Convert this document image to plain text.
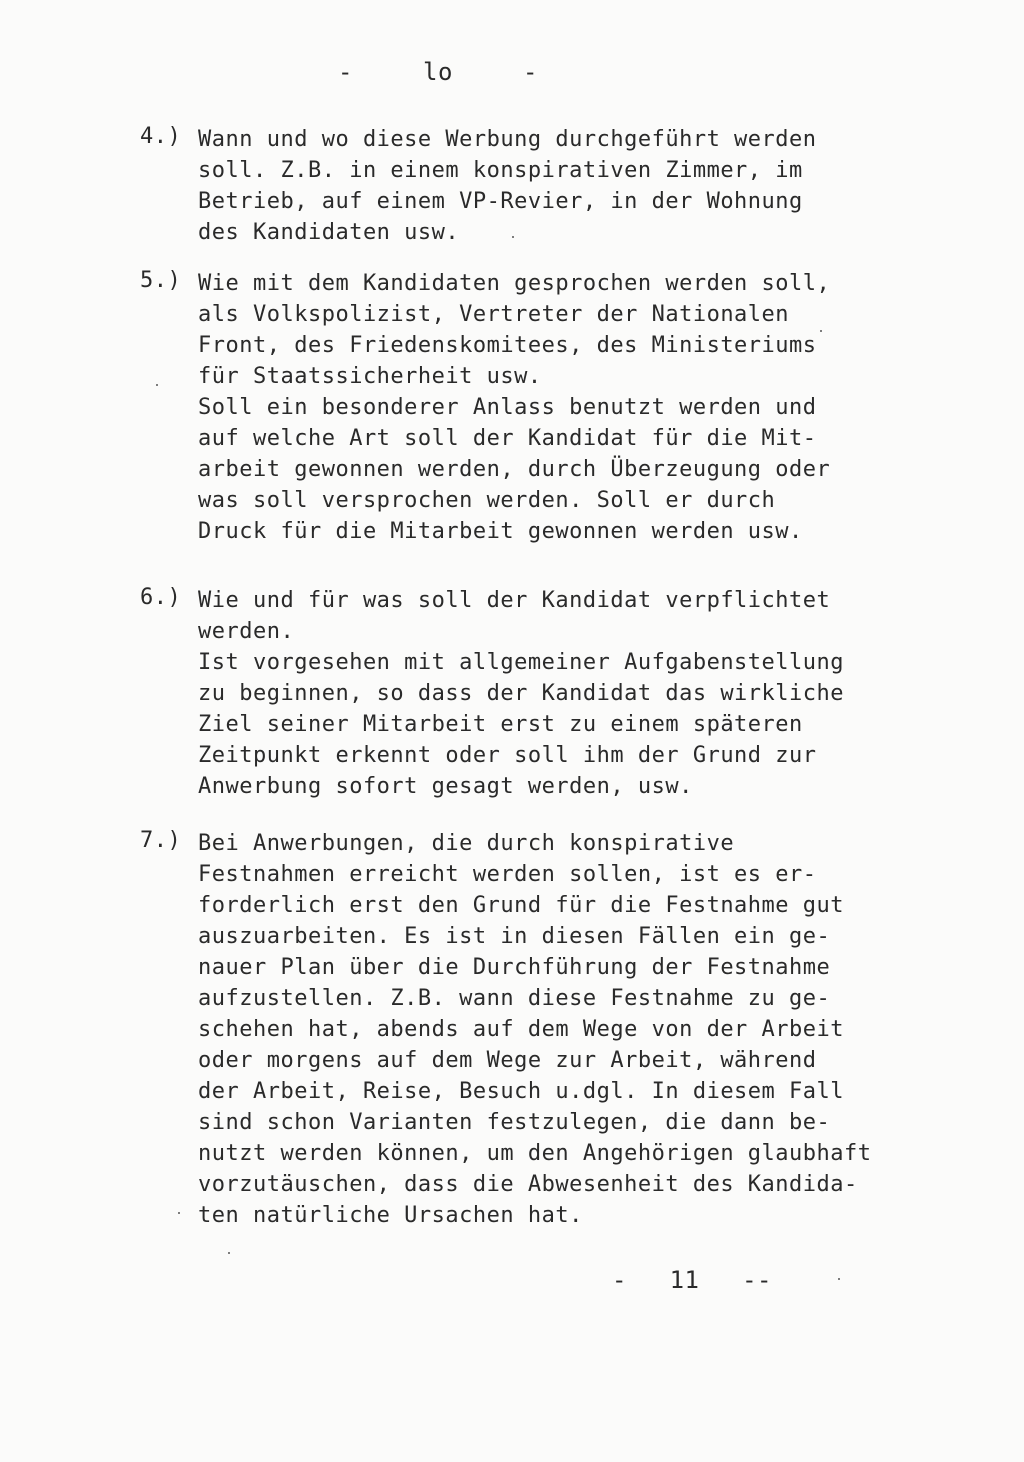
-	lo	-
4.) Wann und wo diese Werbung durchgeführt werden
soll. Z.B. in einem konspirativen Zimmer, im
Betrieb, auf einem VP-Revier, in der Wohnung
des Kandidaten usw.
5.) Wie mit dem Kandidaten gesprochen werden soll,
als Volkspolizist, Vertreter der Nationalen
Front, des Friedenskomitees, des Ministeriums
für Staatssicherheit usw.
Soll ein besonderer Anlass benutzt werden und
auf welche Art soll der Kandidat für die Mit-
arbeit gewonnen werden, durch Überzeugung oder
was soll versprochen werden. Soll er durch
Druck für die Mitarbeit gewonnen werden usw.
6.) Wie und für was soll der Kandidat verpflichtet
werden.
Ist vorgesehen mit allgemeiner Aufgabenstellung
zu beginnen, so dass der Kandidat das wirkliche
Ziel seiner Mitarbeit erst zu einem späteren
Zeitpunkt erkennt oder soll ihm der Grund zur
Anwerbung sofort gesagt werden, usw.
7.) Bei Anwerbungen, die durch konspirative
Festnahmen erreicht werden sollen, ist es er-
forderlich erst den Grund für die Festnahme gut
auszuarbeiten. Es ist in diesen Fällen ein ge-
nauer Plan über die Durchführung der Festnahme
aufzustellen. Z.B. wann diese Festnahme zu ge-
schehen hat, abends auf dem Wege von der Arbeit
oder morgens auf dem Wege zur Arbeit, während
der Arbeit, Reise, Besuch u.dgl. In diesem Fall
sind schon Varianten festzulegen, die dann be-
nutzt werden können, um den Angehörigen glaubhaft
vorzutäuschen, dass die Abwesenheit des Kandida-
ten natürliche Ursachen hat.
- 11 --
